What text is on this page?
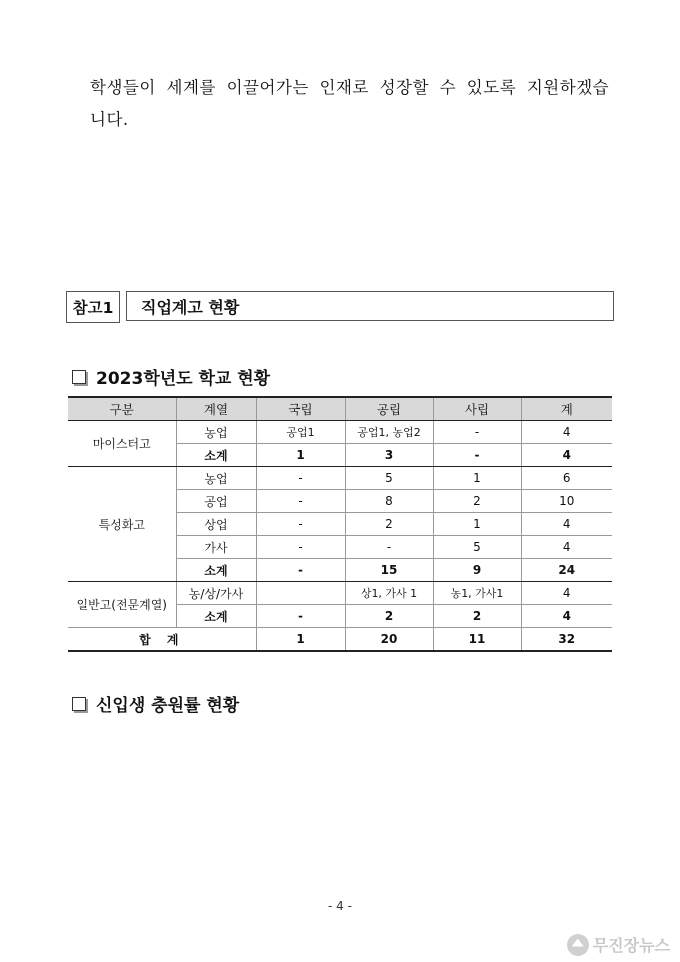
학생들이 세계를 이끌어가는 인재로 성장할 수 있도록 지원하겠습
니다.
참고1	직업계고 현황
2023학년도 학교 현황
구분	계열	국립	공립	사립	계
마이스터고	농업	공업1	공업1, 농업2	-	4
	소계	1	3	-	4
특성화고	농업	-	5	1	6
	공업	-	8	2	10
	상업	-	2	1	4
	가사	-	-	5	4
	소계	-	15	9	24
일반고(전문계열)	농/상/가사		상1, 가사 1	농1, 가사1	4
	소계	-	2	2	4
합 계		1	20	11	32
신입생 충원률 현황
- 4 -
무진장뉴스
